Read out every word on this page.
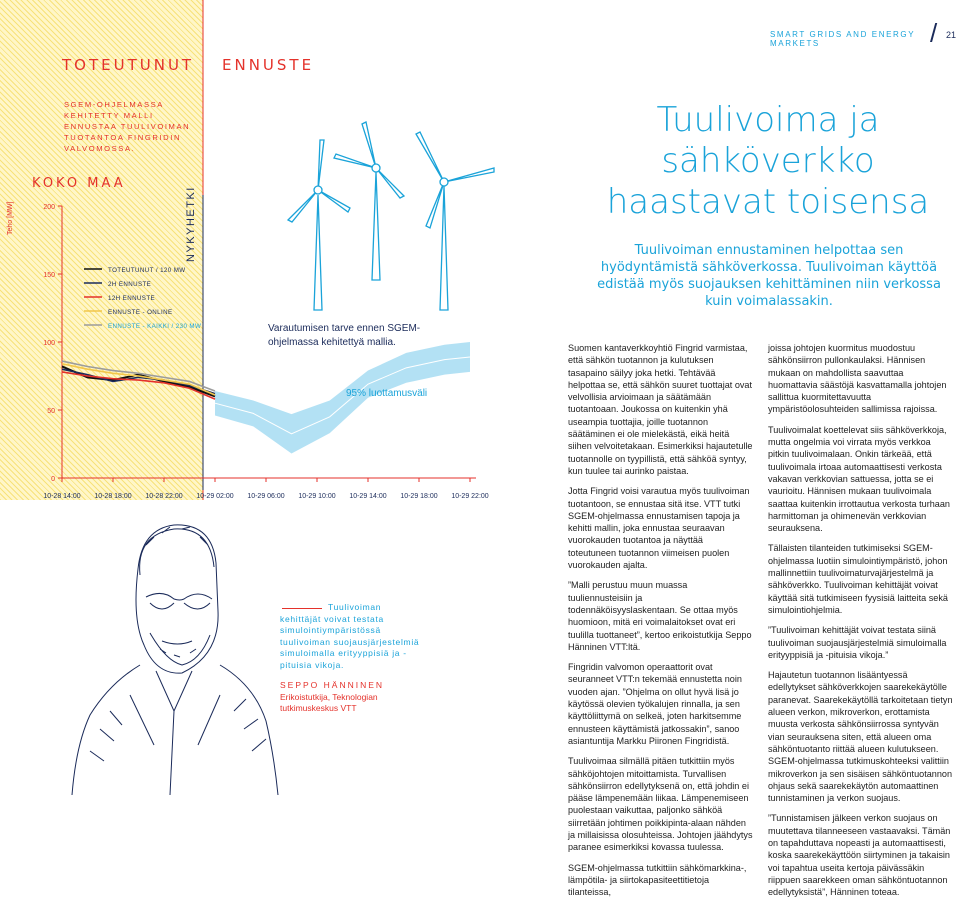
SMART GRIDS AND ENERGY MARKETS	/ 21
TOTEUTUNUT ENNUSTE
SGEM-OHJELMASSA KEHITETTY MALLI ENNUSTAA TUULIVOIMAN TUOTANTOA FINGRIDIN VALVOMOSSA.
KOKO MAA
10-28 14:00 10-28 18:00 10-28 22:00 10-29 02:00 10-29 06:00 10-29 10:00 10-29 14:00 10-29 18:00 10-29 22:00
0
50
100
150
200
Teho [MW]	NYKYHETKI
TOTEUTUNUT / 120 MW
2H ENNUSTE
12H ENNUSTE
ENNUSTE - ONLINE
ENNUSTE - KAIKKI / 230 MW	Varautumisen tarve ennen SGEM-ohjelmassa kehitettyä mallia.
95% luottamusväli
Tuulivoiman kehittäjät voivat testata simulointiympäristössä tuulivoiman suojausjärjestelmiä simuloimalla erityyppisiä ja -pituisia vikoja.
SEPPO HÄNNINEN
Erikoistutkija, Teknologian tutkimuskeskus VTT
Tuulivoima ja
sähköverkko
haastavat toisensa
Tuulivoiman ennustaminen helpottaa sen hyödyntämistä sähköverkossa. Tuulivoiman käyttöä edistää myös suojauksen kehittäminen niin verkossa kuin voimalassakin.

Suomen kantaverkkoyhtiö Fingrid varmistaa, että sähkön tuotannon ja kulutuksen tasapaino säilyy joka hetki. Tehtävää helpottaa se, että sähkön suuret tuottajat ovat velvollisia arvioimaan ja säätämään tuotantoaan. Joukossa on kuitenkin yhä useampia tuottajia, joille tuotannon säätäminen ei ole mielekästä, eikä heitä siihen velvoitetakaan. Esimerkiksi hajautetulle tuotannolle on tyypillistä, että sähköä syntyy, kun tuulee tai aurinko paistaa.

Jotta Fingrid voisi varautua myös tuulivoiman tuotantoon, se ennustaa sitä itse. VTT tutki SGEM-ohjelmassa ennustamisen tapoja ja kehitti mallin, joka ennustaa seuraavan vuorokauden tuotantoa ja näyttää toteutuneen tuotannon viimeisen puolen vuorokauden ajalta.

”Malli perustuu muun muassa tuuliennusteisiin ja todennäköisyyslaskentaan. Se ottaa myös huomioon, mitä eri voimalaitokset ovat eri tuulilla tuottaneet”, kertoo erikoistutkija Seppo Hänninen VTT:ltä.

Fingridin valvomon operaattorit ovat seuranneet VTT:n tekemää ennustetta noin vuoden ajan. ”Ohjelma on ollut hyvä lisä jo käytössä olevien työkalujen rinnalla, ja sen käyttöliittymä on selkeä, joten harkitsemme ennusteen käyttämistä jatkossakin”, sanoo asiantuntija Markku Piironen Fingridistä.

Tuulivoimaa silmällä pitäen tutkittiin myös sähköjohtojen mitoittamista. Turvallisen sähkönsiirron edellytyksenä on, että johdin ei pääse lämpenemään liikaa. Lämpenemiseen puolestaan vaikuttaa, paljonko sähköä siirretään johtimen poikkipinta-alaan nähden ja millaisissa olosuhteissa. Johtojen jäähdytys paranee esimerkiksi kovassa tuulessa.

SGEM-ohjelmassa tutkittiin sähkömarkkina-, lämpötila- ja siirtokapasiteettitietoja tilanteissa,

joissa johtojen kuormitus muodostuu sähkönsiirron pullonkaulaksi. Hännisen mukaan on mahdollista saavuttaa huomattavia säästöjä kasvattamalla johtojen sallittua kuormitettavuutta ympäristöolosuhteiden sallimissa rajoissa.

Tuulivoimalat koettelevat siis sähköverkkoja, mutta ongelmia voi virrata myös verkkoa pitkin tuulivoimalaan. Onkin tärkeää, että tuulivoimala irtoaa automaattisesti verkosta vakavan verkkovian sattuessa, jotta se ei vaurioitu. Hännisen mukaan tuulivoimala saattaa kuitenkin irrottautua verkosta turhaan harmittoman ja ohimenevän verkkovian seurauksena.

Tällaisten tilanteiden tutkimiseksi SGEM-ohjelmassa luotiin simulointiympäristö, johon mallinnettiin tuulivoimaturvajärjestelmä ja sähköverkko. Tuulivoiman kehittäjät voivat käyttää sitä tutkimiseen fyysisiä laitteita sekä simulointiohjelmia.

”Tuulivoiman kehittäjät voivat testata siinä tuulivoiman suojausjärjestelmiä simuloimalla erityyppisiä ja -pituisia vikoja.”

Hajautetun tuotannon lisääntyessä edellytykset sähköverkkojen saarekekäytölle paranevat. Saarekekäytöllä tarkoitetaan tietyn alueen verkon, mikroverkon, erottamista muusta verkosta sähkönsiirrossa syntyvän vian seurauksena siten, että alueen oma sähköntuotanto riittää alueen kulutukseen. SGEM-ohjelmassa tutkimuskohteeksi valittiin mikroverkon ja sen sisäisen sähköntuotannon ohjaus sekä saarekekäytön automaattinen tunnistaminen ja verkon suojaus.

”Tunnistamisen jälkeen verkon suojaus on muutettava tilanneeseen vastaavaksi. Tämän on tapahduttava nopeasti ja automaattisesti, koska saarekekäyttöön siirtyminen ja takaisin voi tapahtua useita kertoja päivässäkin riippuen saarekkeen oman sähköntuotannon edellytyksistä”, Hänninen toteaa.
